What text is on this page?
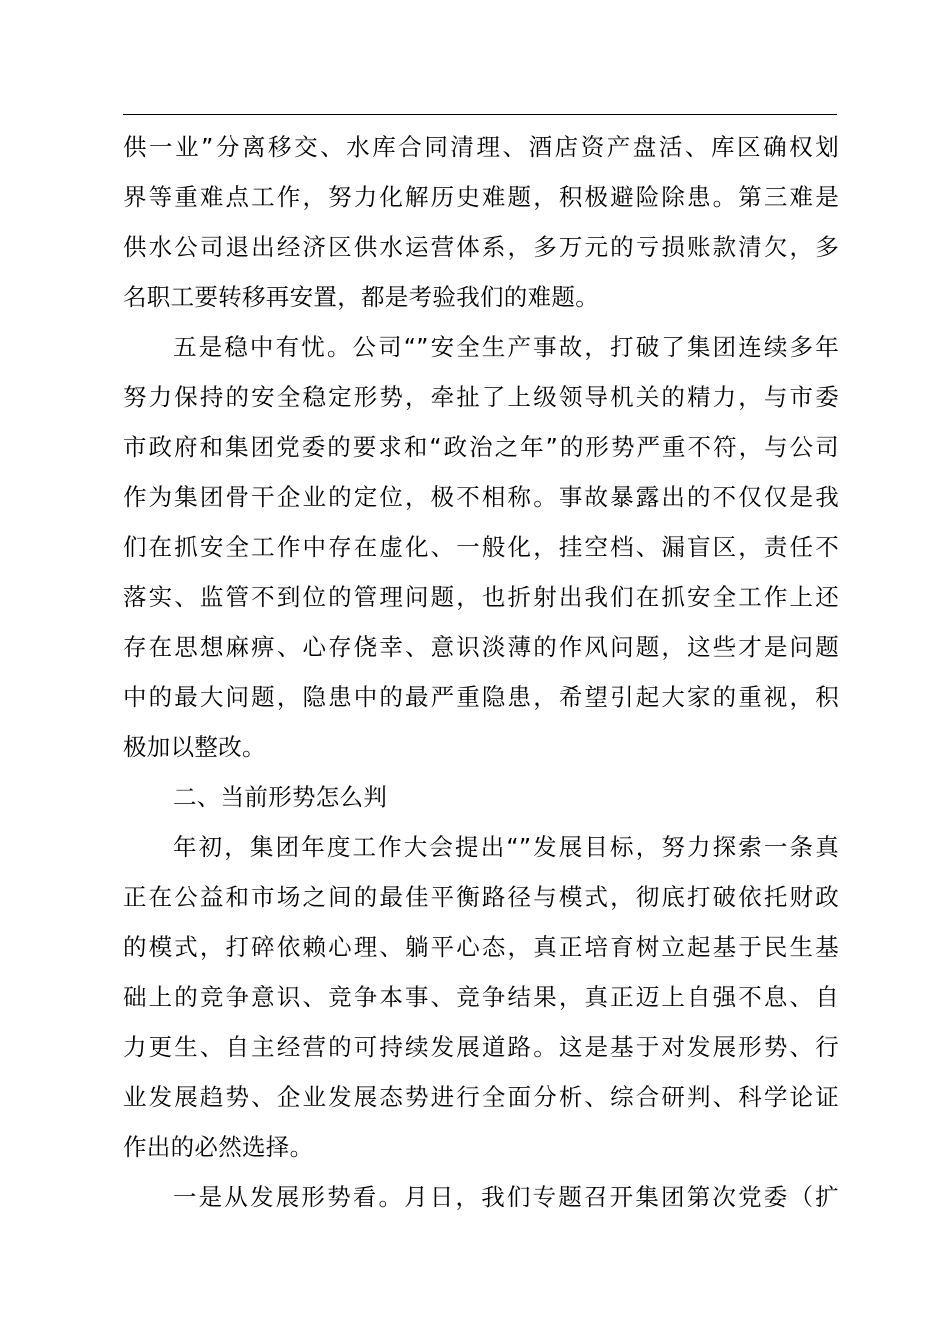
供一业”分离移交、水库合同清理、酒店资产盘活、库区确权划
界等重难点工作，努力化解历史难题，积极避险除患。第三难是
供水公司退出经济区供水运营体系，多万元的亏损账款清欠，多
名职工要转移再安置，都是考验我们的难题。
五是稳中有忧。公司“”安全生产事故，打破了集团连续多年
努力保持的安全稳定形势，牵扯了上级领导机关的精力，与市委
市政府和集团党委的要求和“政治之年”的形势严重不符，与公司
作为集团骨干企业的定位，极不相称。事故暴露出的不仅仅是我
们在抓安全工作中存在虚化、一般化，挂空档、漏盲区，责任不
落实、监管不到位的管理问题，也折射出我们在抓安全工作上还
存在思想麻痹、心存侥幸、意识淡薄的作风问题，这些才是问题
中的最大问题，隐患中的最严重隐患，希望引起大家的重视，积
极加以整改。
二、当前形势怎么判
年初，集团年度工作大会提出“”发展目标，努力探索一条真
正在公益和市场之间的最佳平衡路径与模式，彻底打破依托财政
的模式，打碎依赖心理、躺平心态，真正培育树立起基于民生基
础上的竞争意识、竞争本事、竞争结果，真正迈上自强不息、自
力更生、自主经营的可持续发展道路。这是基于对发展形势、行
业发展趋势、企业发展态势进行全面分析、综合研判、科学论证
作出的必然选择。
一是从发展形势看。月日，我们专题召开集团第次党委（扩
